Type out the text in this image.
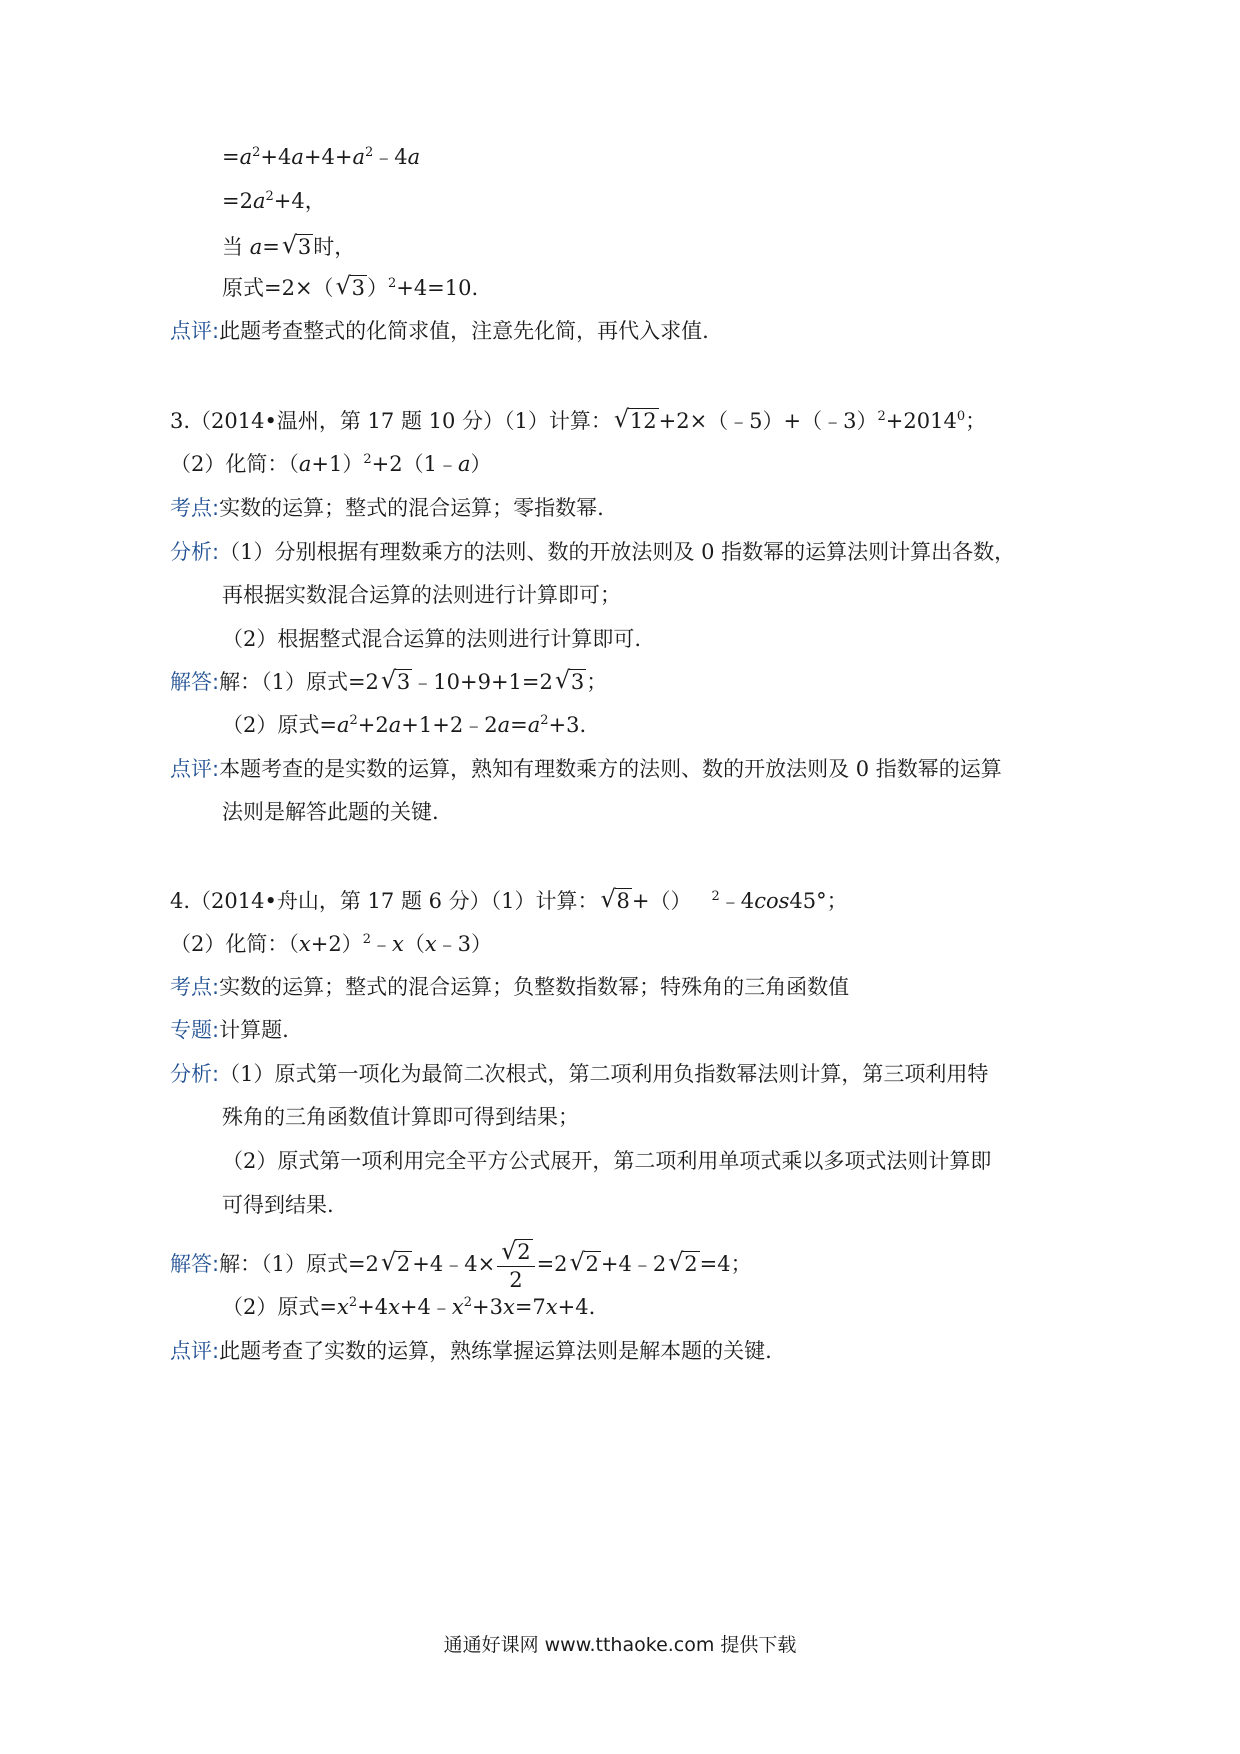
$=a^2+4a+4+a^2﹣4a$
$=2a^2+4$，
当 a= √ 3时，
原式=2×（ √ 3）$^2$+4=10.
点评:此题考查整式的化简求值，注意先化简，再代入求值.
3.（2014•温州，第 17 题 10 分）（1）计算： √ $12+2\times(﹣5)+(﹣3)^2+2014^0$；
（2）化简：$(a+1)^2+2(1﹣a)$
考点:实数的运算；整式的混合运算；零指数幂.
分析:（1）分别根据有理数乘方的法则、数的开放法则及 0 指数幂的运算法则计算出各数，
再根据实数混合运算的法则进行计算即可；
（2）根据整式混合运算的法则进行计算即可.
解答:解：（1）原式=2 √ 3﹣10+9+1=2 √ 3；
（2）原式$=a^2+2a+1+2﹣2a=a^2+3$.
点评:本题考查的是实数的运算，熟知有理数乘方的法则、数的开放法则及 0 指数幂的运算
法则是解答此题的关键.
4.（2014•舟山，第 17 题 6 分）（1）计算： √ 8+（） $^2$﹣4cos45°；
（2）化简：$(x+2)^2﹣x(x﹣3)$
考点:实数的运算；整式的混合运算；负整数指数幂；特殊角的三角函数值
专题:计算题.
分析:（1）原式第一项化为最简二次根式，第二项利用负指数幂法则计算，第三项利用特
殊角的三角函数值计算即可得到结果；
（2）原式第一项利用完全平方公式展开，第二项利用单项式乘以多项式法则计算即
可得到结果.
解答:解：（1）原式=2 √ 2+4﹣4× $\frac{√ 2}{2} =2$ √ 2+4﹣2 √ 2=4；
（2）原式$=x^2+4x+4﹣x^2+3x=7x+4$.
点评:此题考查了实数的运算，熟练掌握运算法则是解本题的关键.
通通好课网 www.tthaoke.com 提供下载
